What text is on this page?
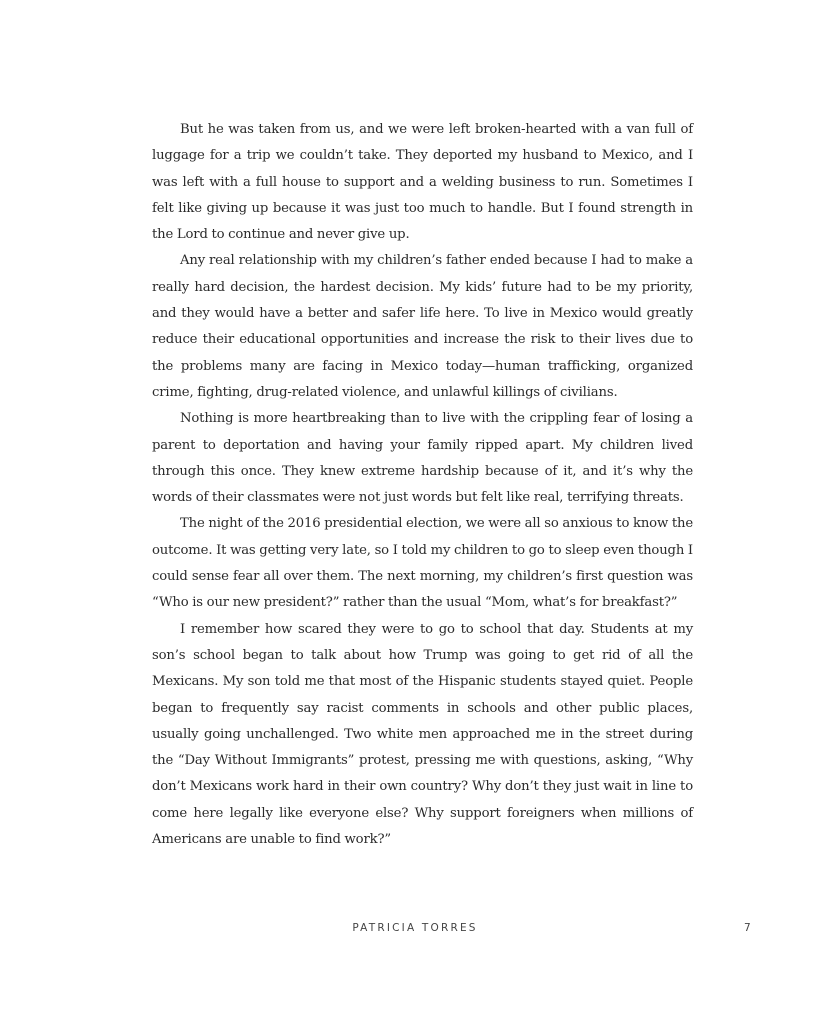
But he was taken from us, and we were left broken-hearted with a van full of luggage for a trip we couldn’t take. They deported my husband to Mexico, and I was left with a full house to support and a welding business to run. Sometimes I felt like giving up because it was just too much to handle. But I found strength in the Lord to continue and never give up.

Any real relationship with my children’s father ended because I had to make a really hard decision, the hardest decision. My kids’ future had to be my priority, and they would have a better and safer life here. To live in Mexico would greatly reduce their educational opportunities and increase the risk to their lives due to the problems many are facing in Mexico today—human trafficking, organized crime, fighting, drug-related violence, and unlawful killings of civilians.

Nothing is more heartbreaking than to live with the crippling fear of losing a parent to deportation and having your family ripped apart. My children lived through this once. They knew extreme hardship because of it, and it’s why the words of their classmates were not just words but felt like real, terrifying threats.

The night of the 2016 presidential election, we were all so anxious to know the outcome. It was getting very late, so I told my children to go to sleep even though I could sense fear all over them. The next morning, my children’s first question was “Who is our new president?” rather than the usual “Mom, what’s for breakfast?”

I remember how scared they were to go to school that day. Students at my son’s school began to talk about how Trump was going to get rid of all the Mexicans. My son told me that most of the Hispanic students stayed quiet. People began to frequently say racist comments in schools and other public places, usually going unchallenged. Two white men approached me in the street during the “Day Without Immigrants” protest, pressing me with questions, asking, “Why don’t Mexicans work hard in their own country? Why don’t they just wait in line to come here legally like everyone else? Why support foreigners when millions of Americans are unable to find work?”

PATRICIA TORRES	7
